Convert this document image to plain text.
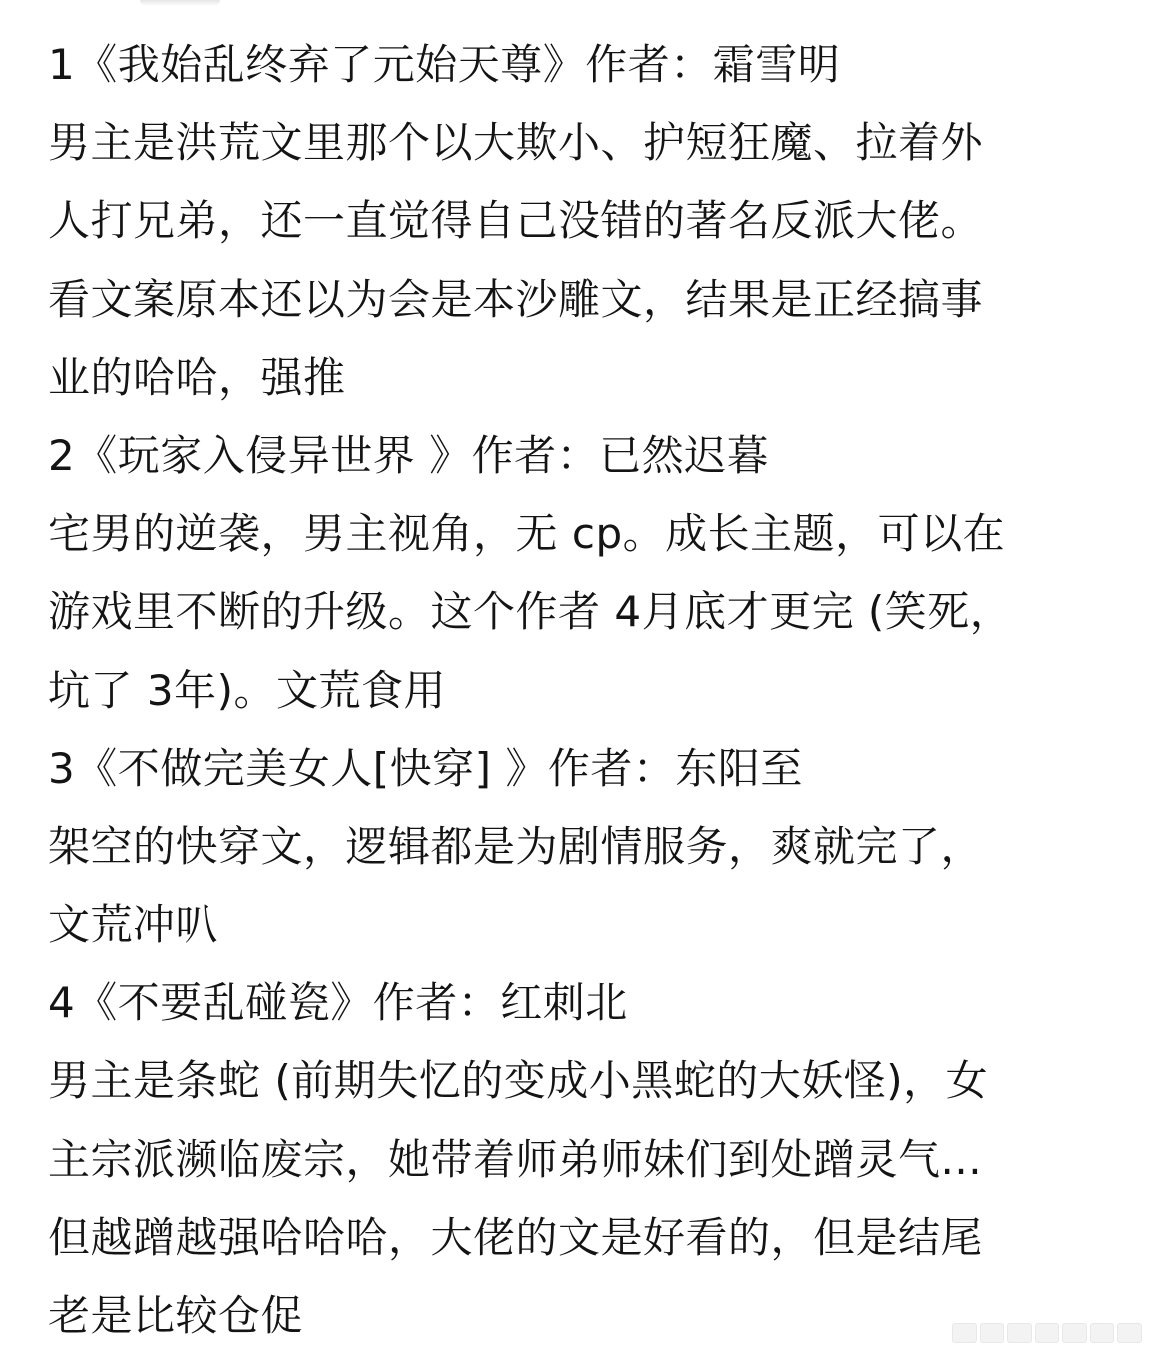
1《我始乱终弃了元始天尊》作者：霜雪明
男主是洪荒文里那个以大欺小、护短狂魔、拉着外
人打兄弟，还一直觉得自己没错的著名反派大佬。
看文案原本还以为会是本沙雕文，结果是正经搞事
业的哈哈，强推
2《玩家入侵异世界 》作者：已然迟暮
宅男的逆袭，男主视角，无 cp。成长主题，可以在
游戏里不断的升级。这个作者 4月底才更完 (笑死，
坑了 3年)。文荒食用
3《不做完美女人[快穿] 》作者：东阳至
架空的快穿文，逻辑都是为剧情服务，爽就完了，
文荒冲叭
4《不要乱碰瓷》作者：红刺北
男主是条蛇 (前期失忆的变成小黑蛇的大妖怪)，女
主宗派濒临废宗，她带着师弟师妹们到处蹭灵气...
但越蹭越强哈哈哈，大佬的文是好看的，但是结尾
老是比较仓促
